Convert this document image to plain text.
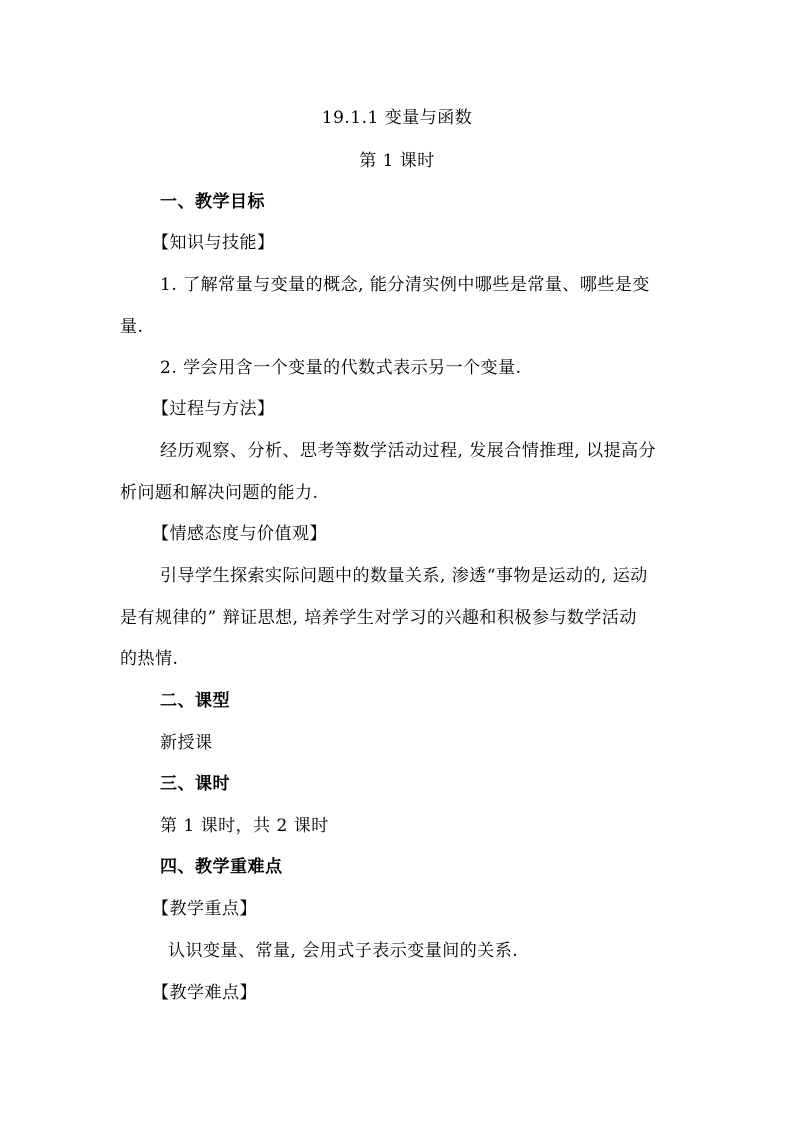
19.1.1 变量与函数
第 1 课时
一、教学目标
【知识与技能】
1. 了解常量与变量的概念, 能分清实例中哪些是常量、哪些是变
量.
2. 学会用含一个变量的代数式表示另一个变量.
【过程与方法】
经历观察、分析、思考等数学活动过程, 发展合情推理, 以提高分
析问题和解决问题的能力.
【情感态度与价值观】
引导学生探索实际问题中的数量关系, 渗透“事物是运动的, 运动
是有规律的” 辩证思想, 培养学生对学习的兴趣和积极参与数学活动
的热情.
二、课型
新授课
三、课时
第 1 课时，共 2 课时
四、教学重难点
【教学重点】
认识变量、常量, 会用式子表示变量间的关系.
【教学难点】
